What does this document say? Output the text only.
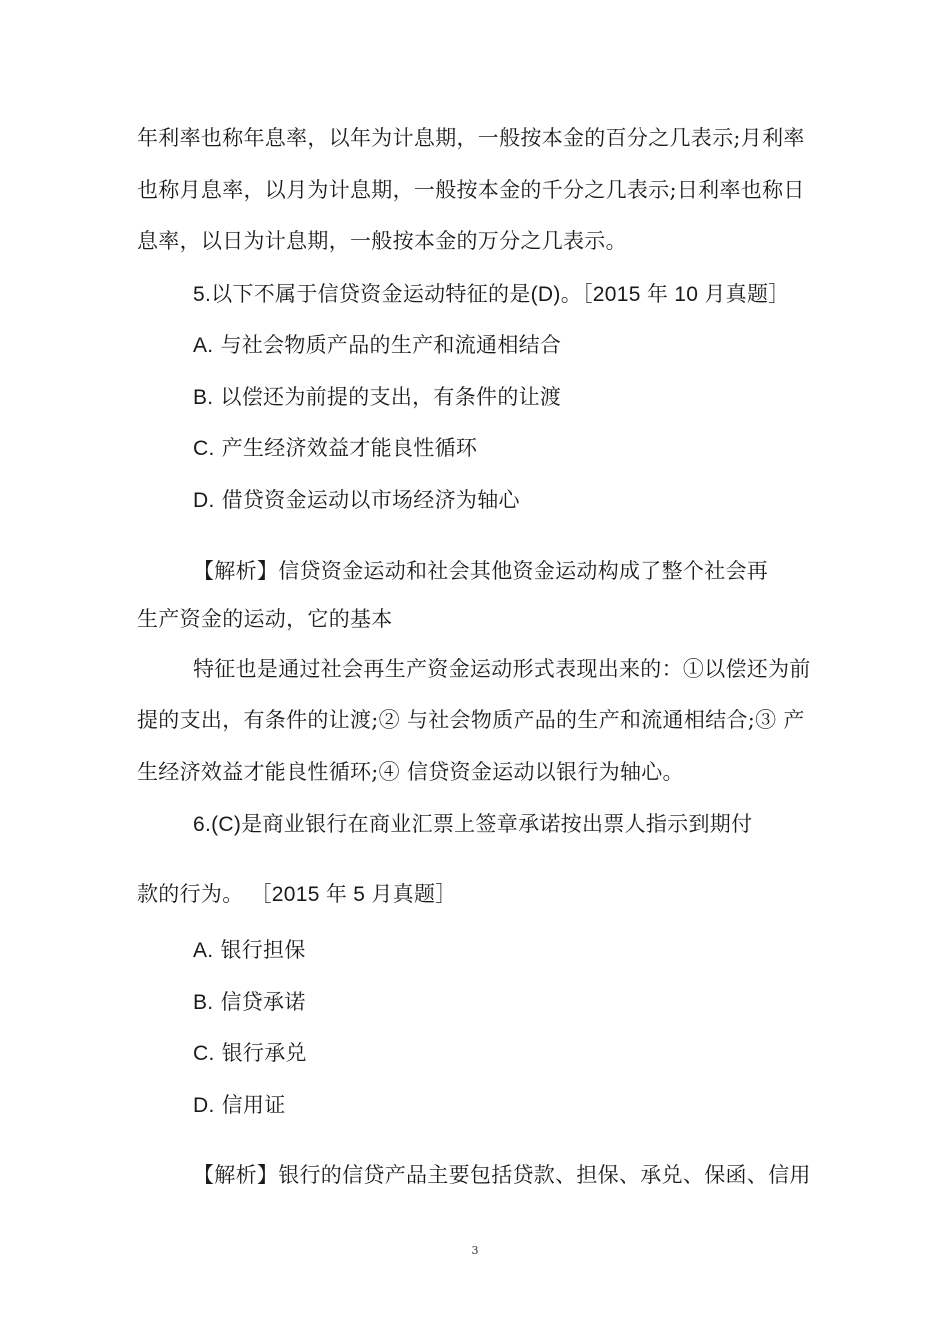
年利率也称年息率，以年为计息期，一般按本金的百分之几表示;月利率
也称月息率，以月为计息期，一般按本金的千分之几表示;日利率也称日
息率，以日为计息期，一般按本金的万分之几表示。
5.以下不属于信贷资金运动特征的是(D)。［2015 年 10 月真题］
A. 与社会物质产品的生产和流通相结合
B. 以偿还为前提的支出，有条件的让渡
C. 产生经济效益才能良性循环
D. 借贷资金运动以市场经济为轴心
【解析】信贷资金运动和社会其他资金运动构成了整个社会再
生产资金的运动，它的基本
特征也是通过社会再生产资金运动形式表现出来的：①以偿还为前
提的支出，有条件的让渡;② 与社会物质产品的生产和流通相结合;③ 产
生经济效益才能良性循环;④ 信贷资金运动以银行为轴心。
6.(C)是商业银行在商业汇票上签章承诺按出票人指示到期付
款的行为。 ［2015 年 5 月真题］
A. 银行担保
B. 信贷承诺
C. 银行承兑
D. 信用证
【解析】银行的信贷产品主要包括贷款、担保、承兑、保函、信用
3
